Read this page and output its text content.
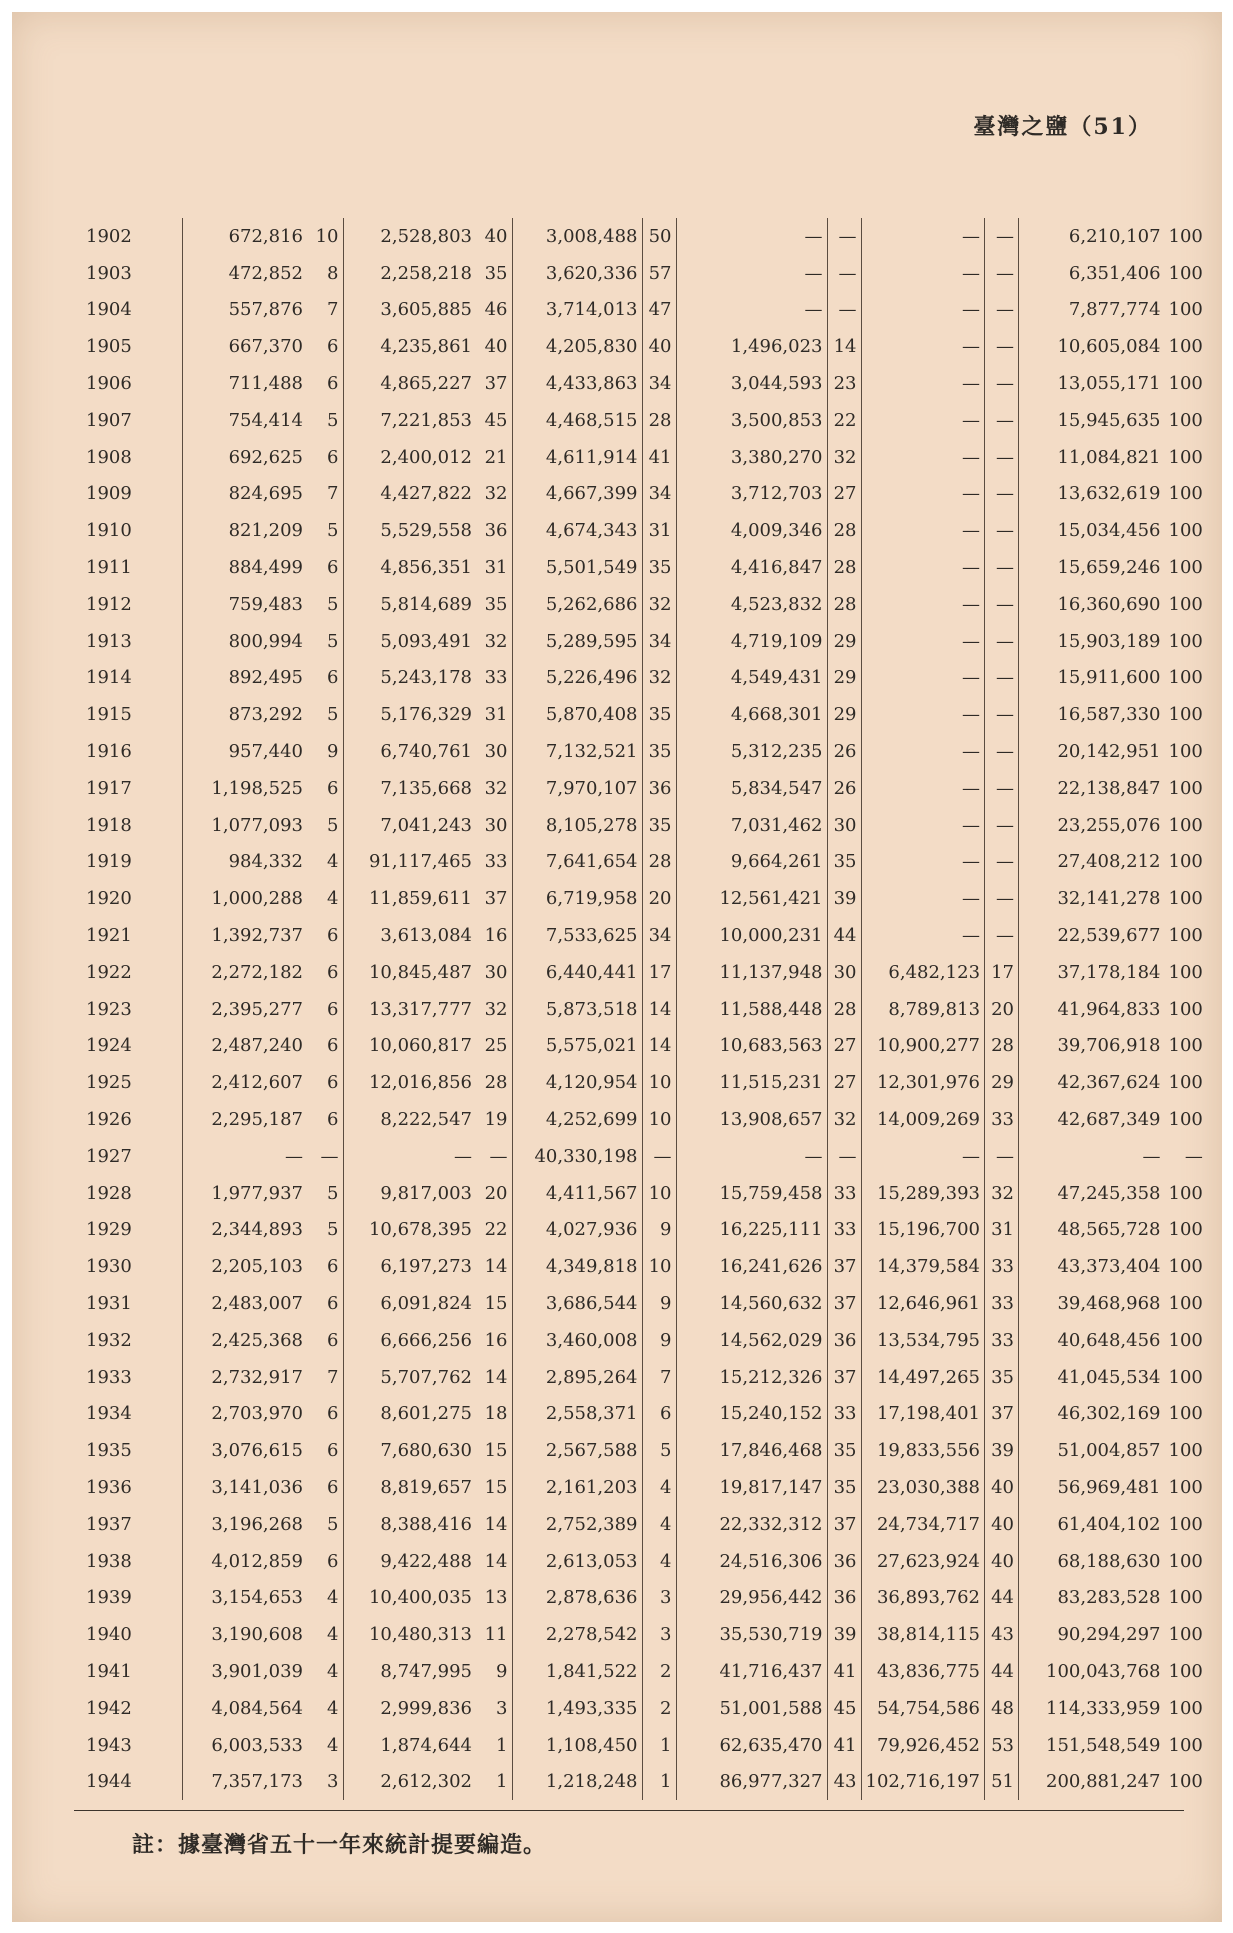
臺灣之鹽（51）
1902	672,816	10	2,528,803	40	3,008,488	50	—	—	—	—	6,210,107	100
1903	472,852	8	2,258,218	35	3,620,336	57	—	—	—	—	6,351,406	100
1904	557,876	7	3,605,885	46	3,714,013	47	—	—	—	—	7,877,774	100
1905	667,370	6	4,235,861	40	4,205,830	40	1,496,023	14	—	—	10,605,084	100
1906	711,488	6	4,865,227	37	4,433,863	34	3,044,593	23	—	—	13,055,171	100
1907	754,414	5	7,221,853	45	4,468,515	28	3,500,853	22	—	—	15,945,635	100
1908	692,625	6	2,400,012	21	4,611,914	41	3,380,270	32	—	—	11,084,821	100
1909	824,695	7	4,427,822	32	4,667,399	34	3,712,703	27	—	—	13,632,619	100
1910	821,209	5	5,529,558	36	4,674,343	31	4,009,346	28	—	—	15,034,456	100
1911	884,499	6	4,856,351	31	5,501,549	35	4,416,847	28	—	—	15,659,246	100
1912	759,483	5	5,814,689	35	5,262,686	32	4,523,832	28	—	—	16,360,690	100
1913	800,994	5	5,093,491	32	5,289,595	34	4,719,109	29	—	—	15,903,189	100
1914	892,495	6	5,243,178	33	5,226,496	32	4,549,431	29	—	—	15,911,600	100
1915	873,292	5	5,176,329	31	5,870,408	35	4,668,301	29	—	—	16,587,330	100
1916	957,440	9	6,740,761	30	7,132,521	35	5,312,235	26	—	—	20,142,951	100
1917	1,198,525	6	7,135,668	32	7,970,107	36	5,834,547	26	—	—	22,138,847	100
1918	1,077,093	5	7,041,243	30	8,105,278	35	7,031,462	30	—	—	23,255,076	100
1919	984,332	4	91,117,465	33	7,641,654	28	9,664,261	35	—	—	27,408,212	100
1920	1,000,288	4	11,859,611	37	6,719,958	20	12,561,421	39	—	—	32,141,278	100
1921	1,392,737	6	3,613,084	16	7,533,625	34	10,000,231	44	—	—	22,539,677	100
1922	2,272,182	6	10,845,487	30	6,440,441	17	11,137,948	30	6,482,123	17	37,178,184	100
1923	2,395,277	6	13,317,777	32	5,873,518	14	11,588,448	28	8,789,813	20	41,964,833	100
1924	2,487,240	6	10,060,817	25	5,575,021	14	10,683,563	27	10,900,277	28	39,706,918	100
1925	2,412,607	6	12,016,856	28	4,120,954	10	11,515,231	27	12,301,976	29	42,367,624	100
1926	2,295,187	6	8,222,547	19	4,252,699	10	13,908,657	32	14,009,269	33	42,687,349	100
1927	—	—	—	—	40,330,198	—	—	—	—	—	—	—
1928	1,977,937	5	9,817,003	20	4,411,567	10	15,759,458	33	15,289,393	32	47,245,358	100
1929	2,344,893	5	10,678,395	22	4,027,936	9	16,225,111	33	15,196,700	31	48,565,728	100
1930	2,205,103	6	6,197,273	14	4,349,818	10	16,241,626	37	14,379,584	33	43,373,404	100
1931	2,483,007	6	6,091,824	15	3,686,544	9	14,560,632	37	12,646,961	33	39,468,968	100
1932	2,425,368	6	6,666,256	16	3,460,008	9	14,562,029	36	13,534,795	33	40,648,456	100
1933	2,732,917	7	5,707,762	14	2,895,264	7	15,212,326	37	14,497,265	35	41,045,534	100
1934	2,703,970	6	8,601,275	18	2,558,371	6	15,240,152	33	17,198,401	37	46,302,169	100
1935	3,076,615	6	7,680,630	15	2,567,588	5	17,846,468	35	19,833,556	39	51,004,857	100
1936	3,141,036	6	8,819,657	15	2,161,203	4	19,817,147	35	23,030,388	40	56,969,481	100
1937	3,196,268	5	8,388,416	14	2,752,389	4	22,332,312	37	24,734,717	40	61,404,102	100
1938	4,012,859	6	9,422,488	14	2,613,053	4	24,516,306	36	27,623,924	40	68,188,630	100
1939	3,154,653	4	10,400,035	13	2,878,636	3	29,956,442	36	36,893,762	44	83,283,528	100
1940	3,190,608	4	10,480,313	11	2,278,542	3	35,530,719	39	38,814,115	43	90,294,297	100
1941	3,901,039	4	8,747,995	9	1,841,522	2	41,716,437	41	43,836,775	44	100,043,768	100
1942	4,084,564	4	2,999,836	3	1,493,335	2	51,001,588	45	54,754,586	48	114,333,959	100
1943	6,003,533	4	1,874,644	1	1,108,450	1	62,635,470	41	79,926,452	53	151,548,549	100
1944	7,357,173	3	2,612,302	1	1,218,248	1	86,977,327	43	102,716,197	51	200,881,247	100
註：據臺灣省五十一年來統計提要編造。
